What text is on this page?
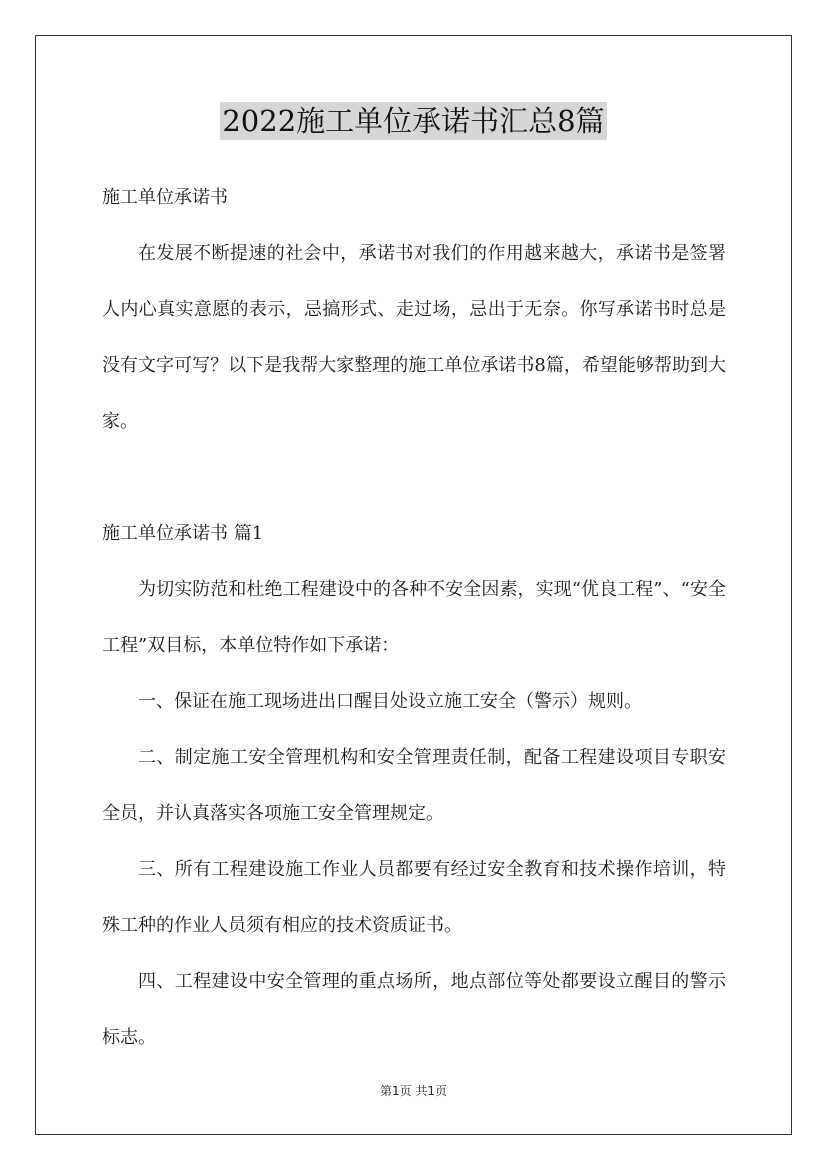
2022施工单位承诺书汇总8篇

施工单位承诺书

在发展不断提速的社会中，承诺书对我们的作用越来越大，承诺书是签署人内心真实意愿的表示，忌搞形式、走过场，忌出于无奈。你写承诺书时总是没有文字可写？以下是我帮大家整理的施工单位承诺书8篇，希望能够帮助到大家。

施工单位承诺书 篇1

为切实防范和杜绝工程建设中的各种不安全因素，实现“优良工程”、“安全工程”双目标，本单位特作如下承诺：

一、保证在施工现场进出口醒目处设立施工安全（警示）规则。

二、制定施工安全管理机构和安全管理责任制，配备工程建设项目专职安全员，并认真落实各项施工安全管理规定。

三、所有工程建设施工作业人员都要有经过安全教育和技术操作培训，特殊工种的作业人员须有相应的技术资质证书。

四、工程建设中安全管理的重点场所，地点部位等处都要设立醒目的警示标志。

第1页 共1页
